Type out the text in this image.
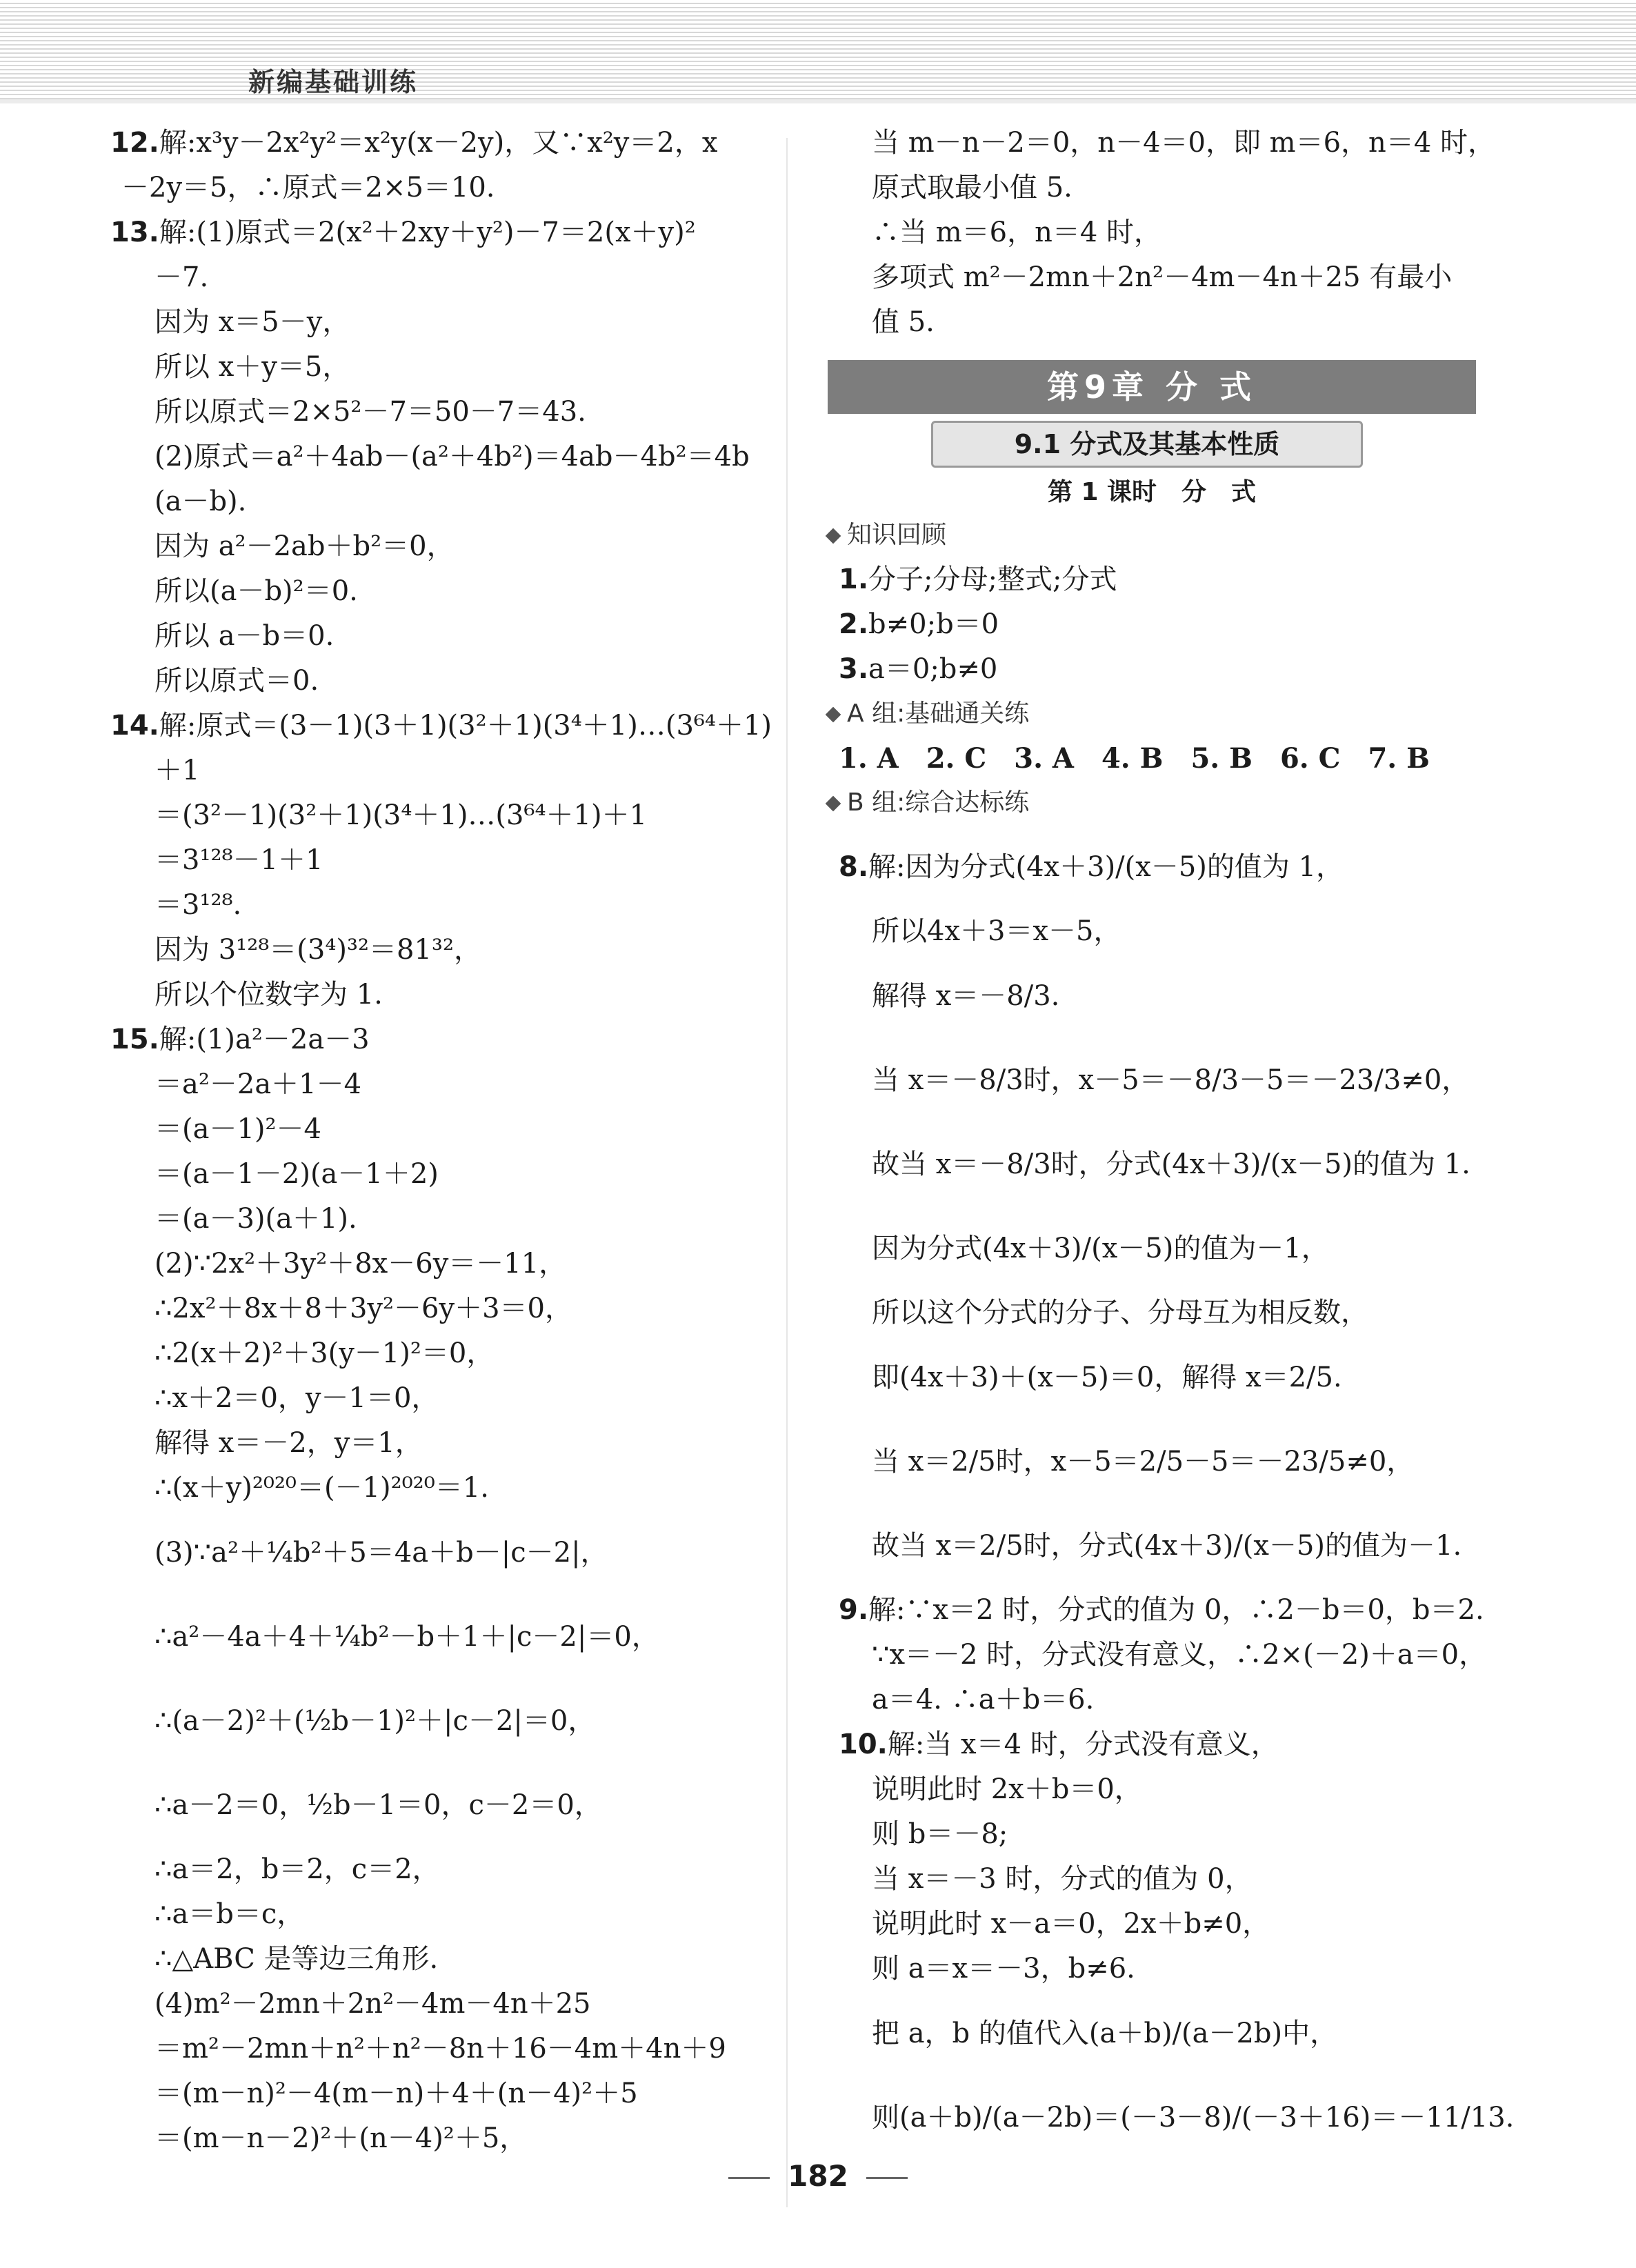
新编基础训练
12.解:x³y－2x²y²＝x²y(x－2y)，又∵x²y＝2，x
－2y＝5，∴原式＝2×5＝10.
13.解:(1)原式＝2(x²＋2xy＋y²)－7＝2(x＋y)²
－7.
因为 x＝5－y，
所以 x＋y＝5，
所以原式＝2×5²－7＝50－7＝43.
(2)原式＝a²＋4ab－(a²＋4b²)＝4ab－4b²＝4b
(a－b).
因为 a²－2ab＋b²＝0，
所以(a－b)²＝0.
所以 a－b＝0.
所以原式＝0.
14.解:原式＝(3－1)(3＋1)(3²＋1)(3⁴＋1)…(3⁶⁴＋1)
＋1
＝(3²－1)(3²＋1)(3⁴＋1)…(3⁶⁴＋1)＋1
＝3¹²⁸－1＋1
＝3¹²⁸.
因为 3¹²⁸＝(3⁴)³²＝81³²，
所以个位数字为 1.
15.解:(1)a²－2a－3
＝a²－2a＋1－4
＝(a－1)²－4
＝(a－1－2)(a－1＋2)
＝(a－3)(a＋1).
(2)∵2x²＋3y²＋8x－6y＝－11，
∴2x²＋8x＋8＋3y²－6y＋3＝0，
∴2(x＋2)²＋3(y－1)²＝0，
∴x＋2＝0，y－1＝0，
解得 x＝－2，y＝1，
∴(x＋y)²⁰²⁰＝(－1)²⁰²⁰＝1.
(3)∵a²＋¼b²＋5＝4a＋b－|c－2|，
∴a²－4a＋4＋¼b²－b＋1＋|c－2|＝0，
∴(a－2)²＋(½b－1)²＋|c－2|＝0，
∴a－2＝0，½b－1＝0，c－2＝0，
∴a＝2，b＝2，c＝2，
∴a＝b＝c，
∴△ABC 是等边三角形.
(4)m²－2mn＋2n²－4m－4n＋25
＝m²－2mn＋n²＋n²－8n＋16－4m＋4n＋9
＝(m－n)²－4(m－n)＋4＋(n－4)²＋5
＝(m－n－2)²＋(n－4)²＋5，
当 m－n－2＝0，n－4＝0，即 m＝6，n＝4 时，
原式取最小值 5.
∴当 m＝6，n＝4 时，
多项式 m²－2mn＋2n²－4m－4n＋25 有最小
值 5.
第9章 分 式
9.1 分式及其基本性质
第 1 课时　分　式
知识回顾
1.分子;分母;整式;分式
2.b≠0;b＝0
3.a＝0;b≠0
A 组:基础通关练
1. A　2. C　3. A　4. B　5. B　6. C　7. B
B 组:综合达标练
8.解:因为分式(4x＋3)/(x－5)的值为 1，
所以4x＋3＝x－5，
解得 x＝－8/3.
当 x＝－8/3时，x－5＝－8/3－5＝－23/3≠0，
故当 x＝－8/3时，分式(4x＋3)/(x－5)的值为 1.
因为分式(4x＋3)/(x－5)的值为－1，
所以这个分式的分子、分母互为相反数，
即(4x＋3)＋(x－5)＝0，解得 x＝2/5.
当 x＝2/5时，x－5＝2/5－5＝－23/5≠0，
故当 x＝2/5时，分式(4x＋3)/(x－5)的值为－1.
9.解:∵x＝2 时，分式的值为 0，∴2－b＝0，b＝2.
∵x＝－2 时，分式没有意义，∴2×(－2)＋a＝0，
a＝4. ∴a＋b＝6.
10.解:当 x＝4 时，分式没有意义，
说明此时 2x＋b＝0，
则 b＝－8;
当 x＝－3 时，分式的值为 0，
说明此时 x－a＝0，2x＋b≠0，
则 a＝x＝－3，b≠6.
把 a，b 的值代入(a＋b)/(a－2b)中，
则(a＋b)/(a－2b)＝(－3－8)/(－3＋16)＝－11/13.
182
